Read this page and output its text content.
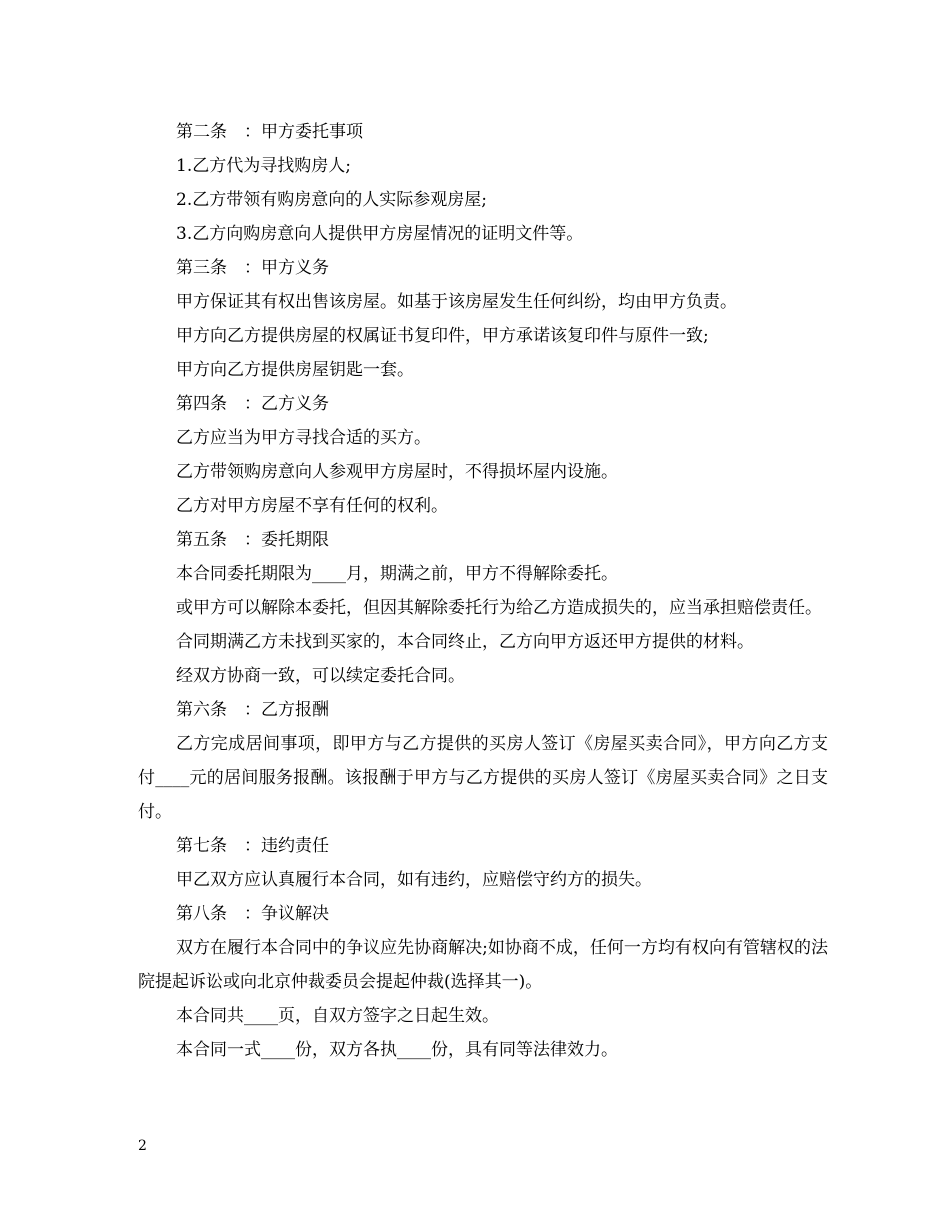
第二条　：甲方委托事项

1.乙方代为寻找购房人;

2.乙方带领有购房意向的人实际参观房屋;

3.乙方向购房意向人提供甲方房屋情况的证明文件等。

第三条　：甲方义务

甲方保证其有权出售该房屋。如基于该房屋发生任何纠纷，均由甲方负责。

甲方向乙方提供房屋的权属证书复印件，甲方承诺该复印件与原件一致;

甲方向乙方提供房屋钥匙一套。

第四条　：乙方义务

乙方应当为甲方寻找合适的买方。

乙方带领购房意向人参观甲方房屋时，不得损坏屋内设施。

乙方对甲方房屋不享有任何的权利。

第五条　：委托期限

本合同委托期限为____月，期满之前，甲方不得解除委托。

或甲方可以解除本委托，但因其解除委托行为给乙方造成损失的，应当承担赔偿责任。

合同期满乙方未找到买家的，本合同终止，乙方向甲方返还甲方提供的材料。

经双方协商一致，可以续定委托合同。

第六条　：乙方报酬

乙方完成居间事项，即甲方与乙方提供的买房人签订《房屋买卖合同》，甲方向乙方支付____元的居间服务报酬。该报酬于甲方与乙方提供的买房人签订《房屋买卖合同》之日支付。

第七条　：违约责任

甲乙双方应认真履行本合同，如有违约，应赔偿守约方的损失。

第八条　：争议解决

双方在履行本合同中的争议应先协商解决;如协商不成，任何一方均有权向有管辖权的法院提起诉讼或向北京仲裁委员会提起仲裁(选择其一)。

本合同共____页，自双方签字之日起生效。

本合同一式____份，双方各执____份，具有同等法律效力。

2
